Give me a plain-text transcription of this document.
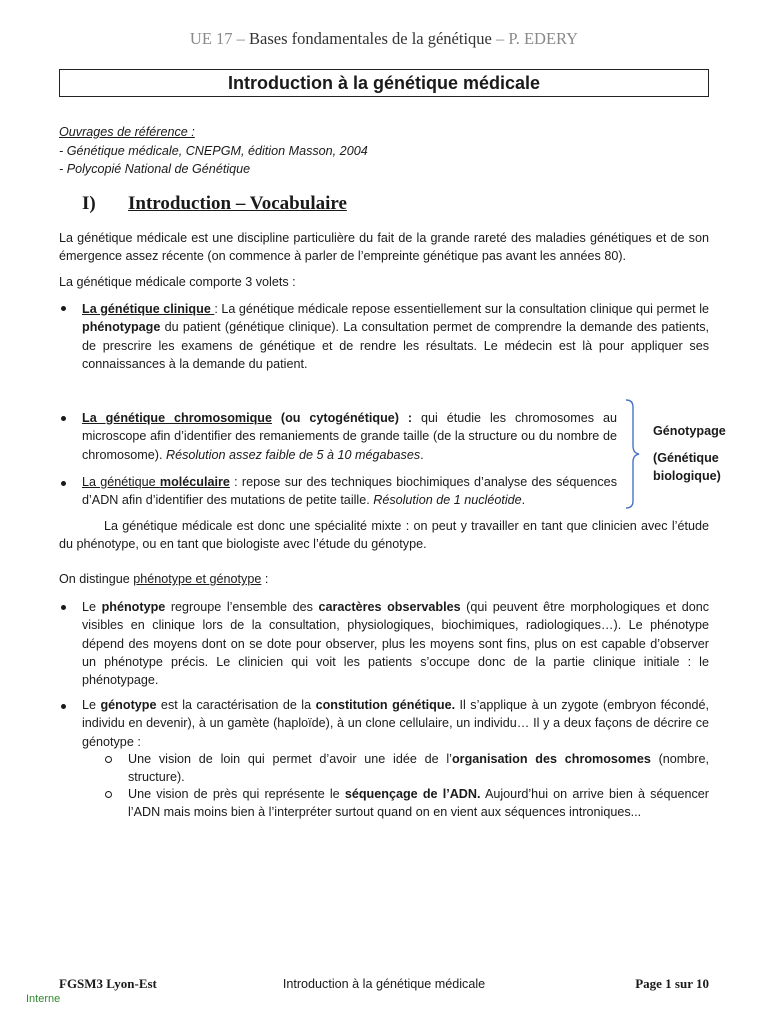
UE 17 – Bases fondamentales de la génétique – P. EDERY
Introduction à la génétique médicale
Ouvrages de référence :
- Génétique médicale, CNEPGM, édition Masson, 2004
- Polycopié National de Génétique
I) Introduction – Vocabulaire
La génétique médicale est une discipline particulière du fait de la grande rareté des maladies génétiques et de son émergence assez récente (on commence à parler de l’empreinte génétique pas avant les années 80).
La génétique médicale comporte 3 volets :
La génétique clinique : La génétique médicale repose essentiellement sur la consultation clinique qui permet le phénotypage du patient (génétique clinique). La consultation permet de comprendre la demande des patients, de prescrire les examens de génétique et de rendre les résultats. Le médecin est là pour appliquer ses connaissances à la demande du patient.
La génétique chromosomique (ou cytogénétique) : qui étudie les chromosomes au microscope afin d’identifier des remaniements de grande taille (de la structure ou du nombre de chromosome). Résolution assez faible de 5 à 10 mégabases.
La génétique moléculaire : repose sur des techniques biochimiques d’analyse des séquences d’ADN afin d’identifier des mutations de petite taille. Résolution de 1 nucléotide.
Génotypage
(Génétique
biologique)
La génétique médicale est donc une spécialité mixte : on peut y travailler en tant que clinicien avec l’étude du phénotype, ou en tant que biologiste avec l’étude du génotype.
On distingue phénotype et génotype :
Le phénotype regroupe l’ensemble des caractères observables (qui peuvent être morphologiques et donc visibles en clinique lors de la consultation, physiologiques, biochimiques, radiologiques…). Le phénotype dépend des moyens dont on se dote pour observer, plus les moyens sont fins, plus on est capable d’observer un phénotype précis. Le clinicien qui voit les patients s’occupe donc de la partie clinique initiale : le phénotypage.
Le génotype est la caractérisation de la constitution génétique. Il s’applique à un zygote (embryon fécondé, individu en devenir), à un gamète (haploïde), à un clone cellulaire, un individu… Il y a deux façons de décrire ce génotype :
Une vision de loin qui permet d’avoir une idée de l’organisation des chromosomes (nombre, structure).
Une vision de près qui représente le séquençage de l’ADN. Aujourd’hui on arrive bien à séquencer l’ADN mais moins bien à l’interpréter surtout quand on en vient aux séquences introniques...
FGSM3 Lyon-Est	Introduction à la génétique médicale	Page 1 sur 10
Interne
